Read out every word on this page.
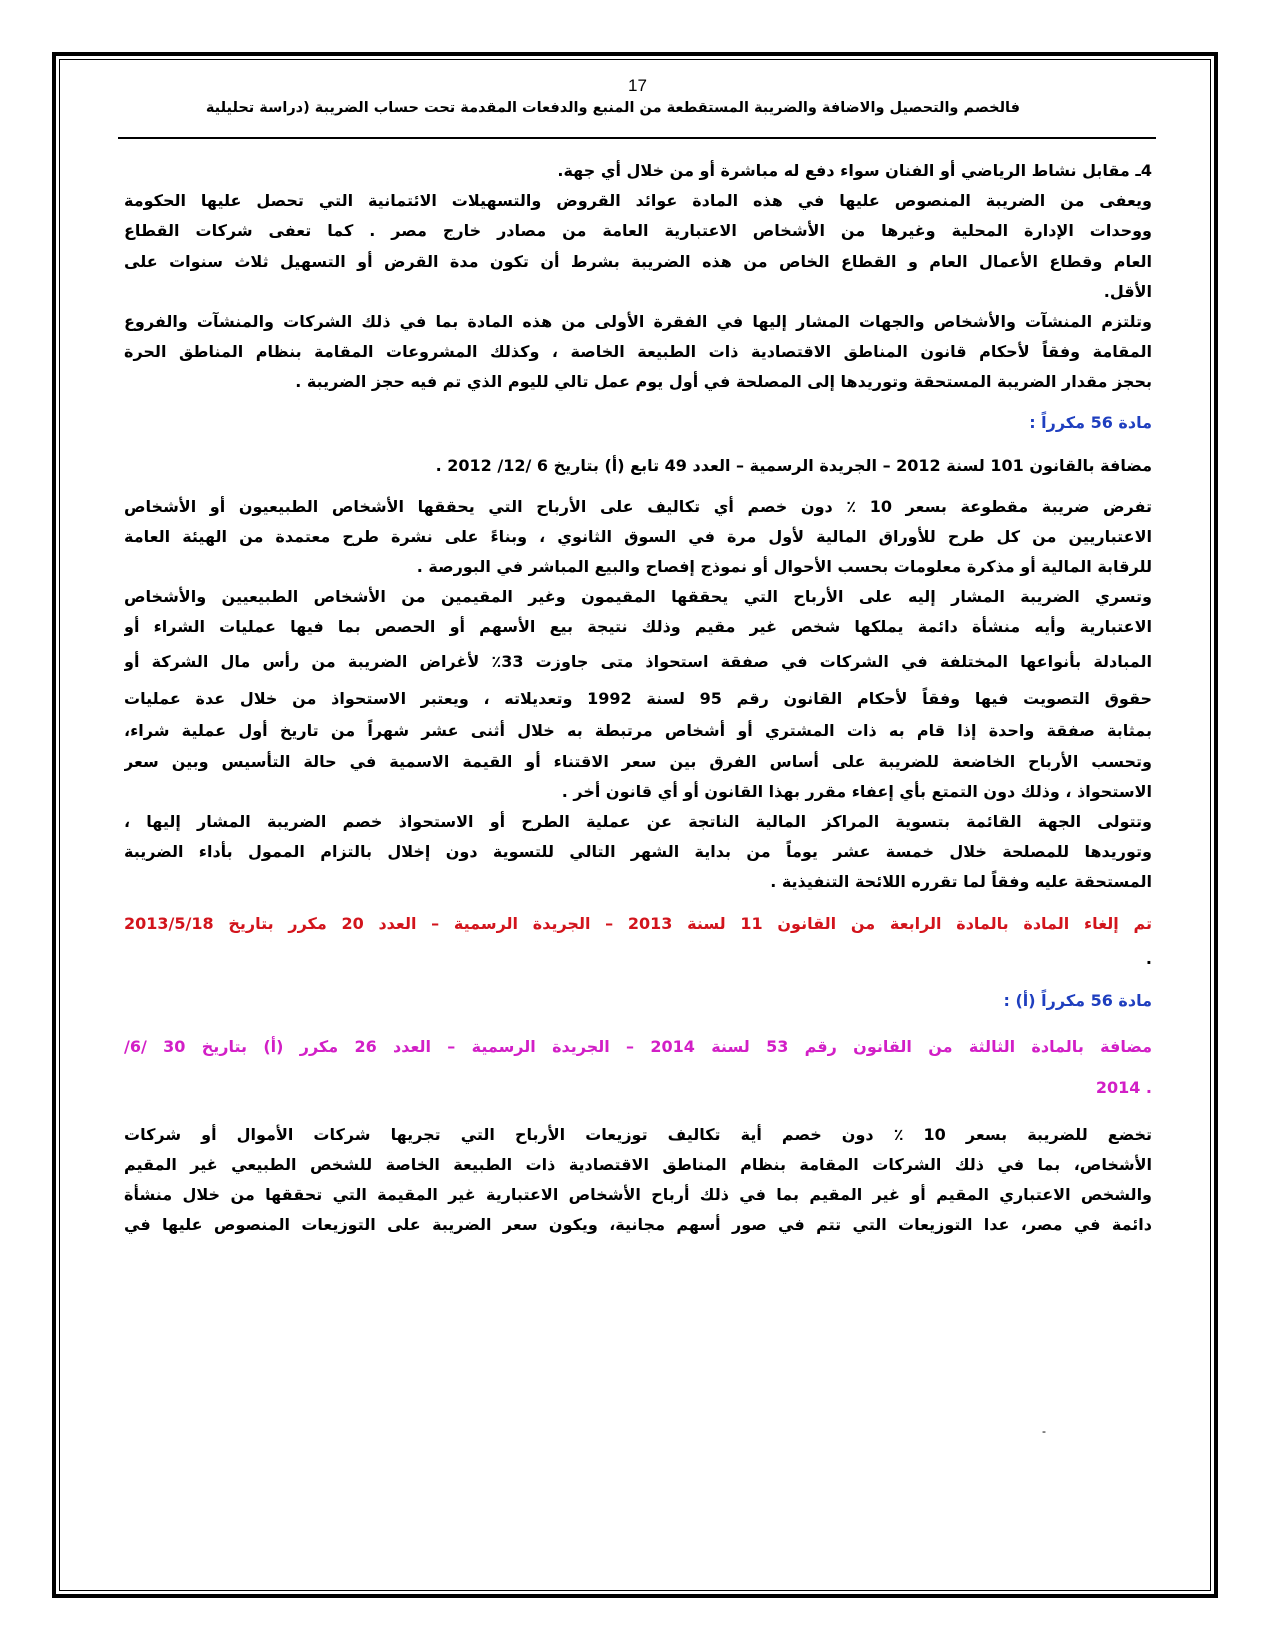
17
فالخصم والتحصيل والاضافة والضريبة المستقطعة من المنبع والدفعات المقدمة تحت حساب الضريبة (دراسة تحليلية
4ـ مقابل نشاط الرياضي أو الفنان سواء دفع له مباشرة أو من خلال أي جهة.
ويعفى من الضريبة المنصوص عليها في هذه المادة عوائد القروض والتسهيلات الائتمانية التي تحصل عليها الحكومة
ووحدات الإدارة المحلية وغيرها من الأشخاص الاعتبارية العامة من مصادر خارج مصر . كما تعفى شركات القطاع
العام وقطاع الأعمال العام و القطاع الخاص من هذه الضريبة بشرط أن تكون مدة القرض أو التسهيل ثلاث سنوات على
الأقل.
وتلتزم المنشآت والأشخاص والجهات المشار إليها في الفقرة الأولى من هذه المادة بما في ذلك الشركات والمنشآت والفروع
المقامة وفقاً لأحكام قانون المناطق الاقتصادية ذات الطبيعة الخاصة ، وكذلك المشروعات المقامة بنظام المناطق الحرة
بحجز مقدار الضريبة المستحقة وتوريدها إلى المصلحة في أول يوم عمل تالي لليوم الذي تم فيه حجز الضريبة .
مادة 56 مكرراً :
مضافة بالقانون 101 لسنة 2012 – الجريدة الرسمية – العدد 49 تابع (أ) بتاريخ 6 /12/ 2012 .
تفرض ضريبة مقطوعة بسعر 10 ٪ دون خصم أي تكاليف على الأرباح التي يحققها الأشخاص الطبيعيون أو الأشخاص
الاعتباريين من كل طرح للأوراق المالية لأول مرة في السوق الثانوي ، وبناءً على نشرة طرح معتمدة من الهيئة العامة
للرقابة المالية أو مذكرة معلومات بحسب الأحوال أو نموذج إفصاح والبيع المباشر في البورصة .
وتسري الضريبة المشار إليه على الأرباح التي يحققها المقيمون وغير المقيمين من الأشخاص الطبيعيين والأشخاص
الاعتبارية وأيه منشأة دائمة يملكها شخص غير مقيم وذلك نتيجة بيع الأسهم أو الحصص بما فيها عمليات الشراء أو
المبادلة بأنواعها المختلفة في الشركات في صفقة استحواذ متى جاوزت 33٪ لأغراض الضريبة من رأس مال الشركة أو
حقوق التصويت فيها وفقاً لأحكام القانون رقم 95 لسنة 1992 وتعديلاته ، ويعتبر الاستحواذ من خلال عدة عمليات
بمثابة صفقة واحدة إذا قام به ذات المشتري أو أشخاص مرتبطة به خلال أثنى عشر شهراً من تاريخ أول عملية شراء،
وتحسب الأرباح الخاضعة للضريبة على أساس الفرق بين سعر الاقتناء أو القيمة الاسمية في حالة التأسيس وبين سعر
الاستحواذ ، وذلك دون التمتع بأي إعفاء مقرر بهذا القانون أو أي قانون أخر .
وتتولى الجهة القائمة بتسوية المراكز المالية الناتجة عن عملية الطرح أو الاستحواذ خصم الضريبة المشار إليها ،
وتوريدها للمصلحة خلال خمسة عشر يوماً من بداية الشهر التالي للتسوية دون إخلال بالتزام الممول بأداء الضريبة
المستحقة عليه وفقاً لما تقرره اللائحة التنفيذية .
تم إلغاء المادة بالمادة الرابعة من القانون 11 لسنة 2013 – الجريدة الرسمية – العدد 20 مكرر بتاريخ 2013/5/18
.
مادة 56 مكرراً (أ) :
مضافة بالمادة الثالثة من القانون رقم 53 لسنة 2014 – الجريدة الرسمية – العدد 26 مكرر (أ) بتاريخ 30 /6/
. 2014
تخضع للضريبة بسعر 10 ٪ دون خصم أية تكاليف توزيعات الأرباح التي تجريها شركات الأموال أو شركات
الأشخاص، بما في ذلك الشركات المقامة بنظام المناطق الاقتصادية ذات الطبيعة الخاصة للشخص الطبيعي غير المقيم
والشخص الاعتباري المقيم أو غير المقيم بما في ذلك أرباح الأشخاص الاعتبارية غير المقيمة التي تحققها من خلال منشأة
دائمة في مصر، عدا التوزيعات التي تتم في صور أسهم مجانية، ويكون سعر الضريبة على التوزيعات المنصوص عليها في
-
